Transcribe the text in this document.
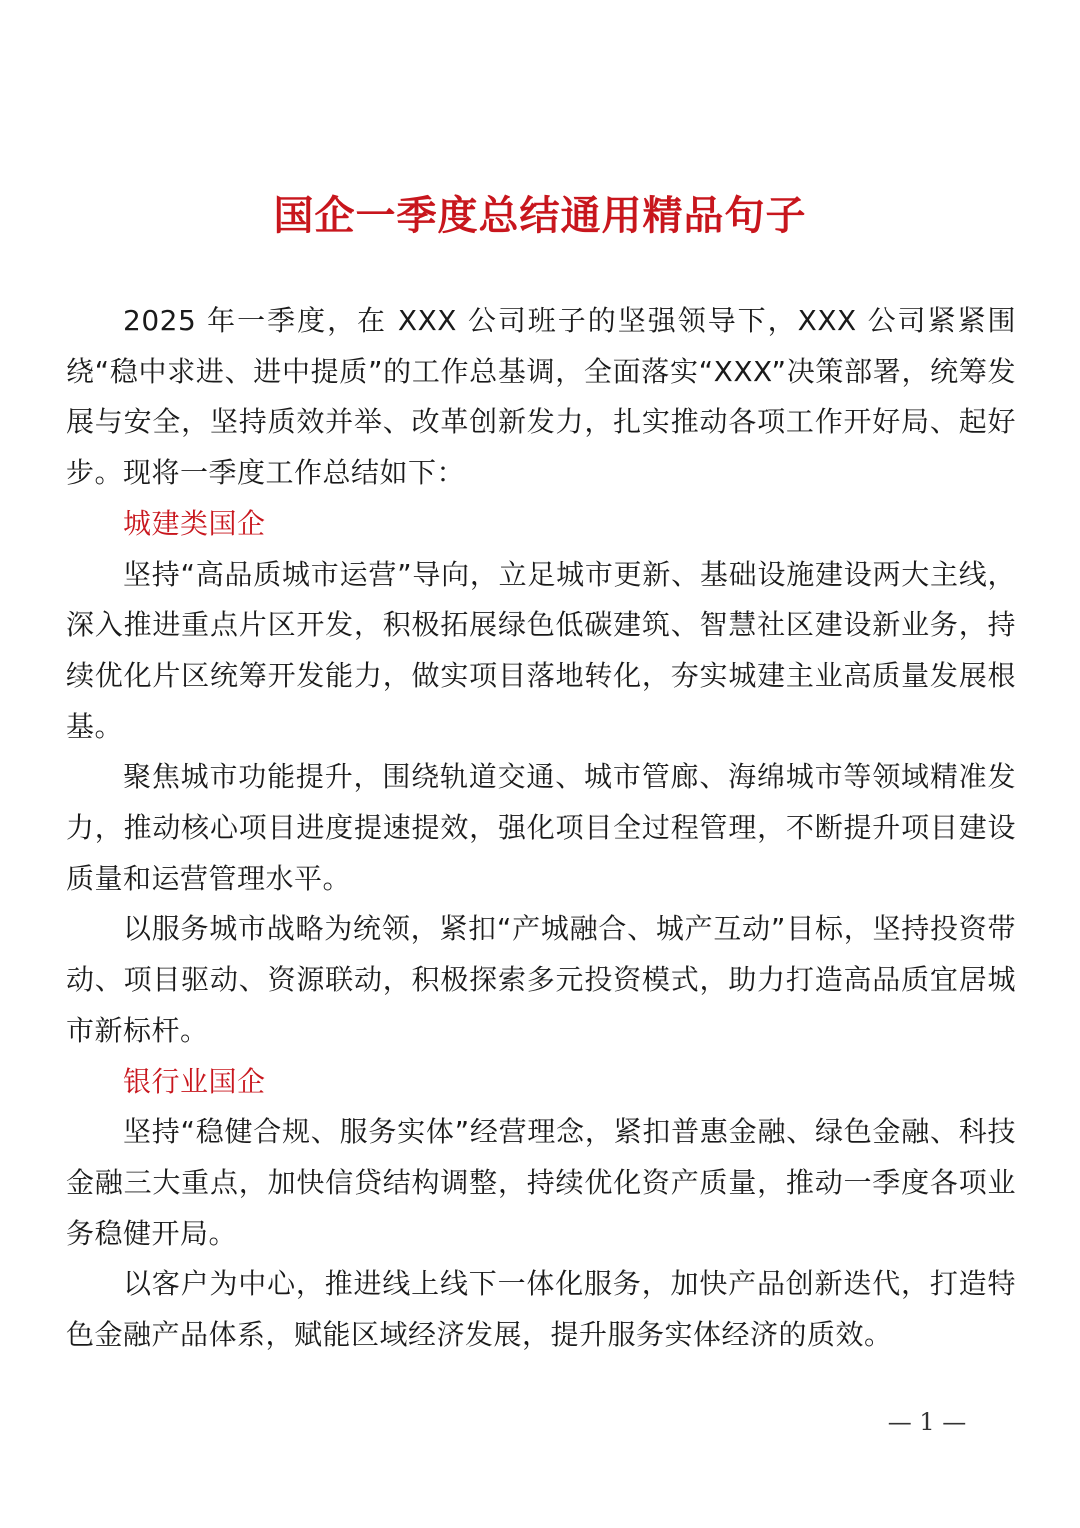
国企一季度总结通用精品句子

2025 年一季度，在 XXX 公司班子的坚强领导下，XXX 公司紧紧围绕“稳中求进、进中提质”的工作总基调，全面落实“XXX”决策部署，统筹发展与安全，坚持质效并举、改革创新发力，扎实推动各项工作开好局、起好步。现将一季度工作总结如下：

城建类国企

坚持“高品质城市运营”导向，立足城市更新、基础设施建设两大主线，深入推进重点片区开发，积极拓展绿色低碳建筑、智慧社区建设新业务，持续优化片区统筹开发能力，做实项目落地转化，夯实城建主业高质量发展根基。

聚焦城市功能提升，围绕轨道交通、城市管廊、海绵城市等领域精准发力，推动核心项目进度提速提效，强化项目全过程管理，不断提升项目建设质量和运营管理水平。

以服务城市战略为统领，紧扣“产城融合、城产互动”目标，坚持投资带动、项目驱动、资源联动，积极探索多元投资模式，助力打造高品质宜居城市新标杆。

银行业国企

坚持“稳健合规、服务实体”经营理念，紧扣普惠金融、绿色金融、科技金融三大重点，加快信贷结构调整，持续优化资产质量，推动一季度各项业务稳健开局。

以客户为中心，推进线上线下一体化服务，加快产品创新迭代，打造特色金融产品体系，赋能区域经济发展，提升服务实体经济的质效。

— 1 —
